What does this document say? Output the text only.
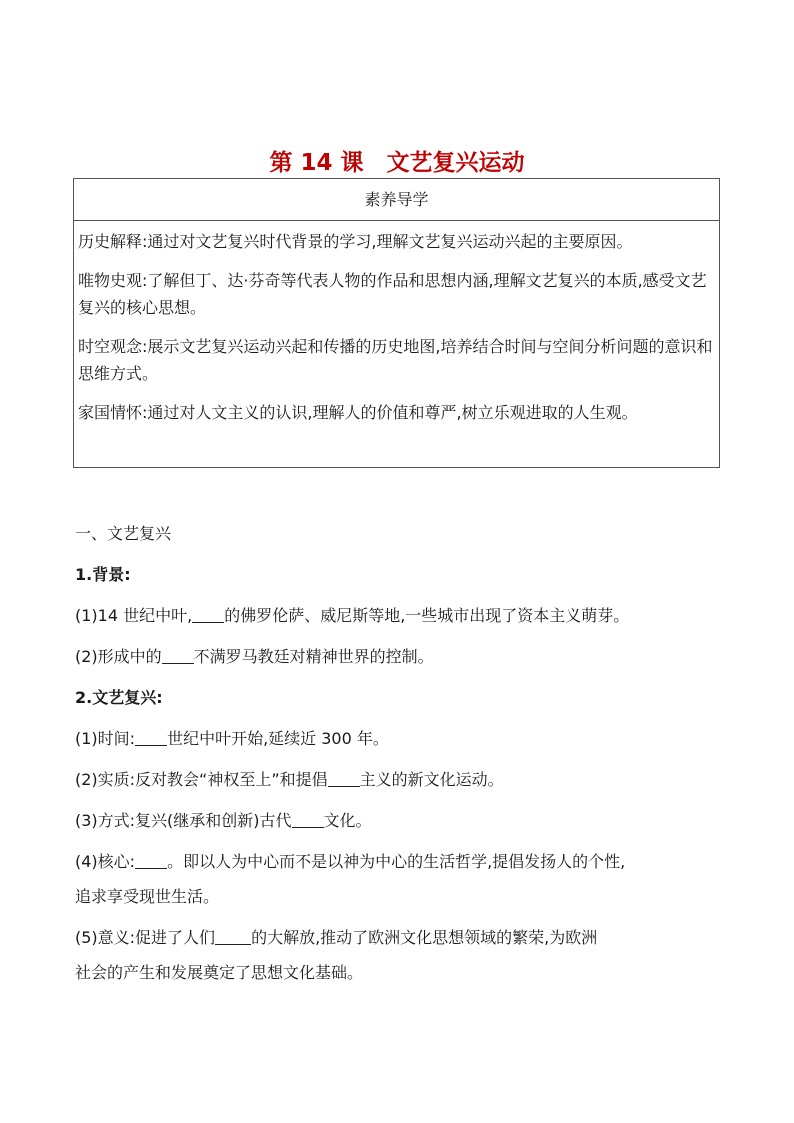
第 14 课　文艺复兴运动
素养导学

历史解释:通过对文艺复兴时代背景的学习,理解文艺复兴运动兴起的主要原因。

唯物史观:了解但丁、达·芬奇等代表人物的作品和思想内涵,理解文艺复兴的本质,感受文艺复兴的核心思想。

时空观念:展示文艺复兴运动兴起和传播的历史地图,培养结合时间与空间分析问题的意识和思维方式。

家国情怀:通过对人文主义的认识,理解人的价值和尊严,树立乐观进取的人生观。

一、文艺复兴
1.背景:
(1)14 世纪中叶, 的佛罗伦萨、威尼斯等地,一些城市出现了资本主义萌芽。
(2)形成中的 不满罗马教廷对精神世界的控制。
2.文艺复兴:
(1)时间: 世纪中叶开始,延续近 300 年。
(2)实质:反对教会“神权至上”和提倡 主义的新文化运动。
(3)方式:复兴(继承和创新)古代 文化。
(4)核心: 。即以人为中心而不是以神为中心的生活哲学,提倡发扬人的个性,
追求享受现世生活。
(5)意义:促进了人们 的大解放,推动了欧洲文化思想领域的繁荣,为欧洲
社会的产生和发展奠定了思想文化基础。
